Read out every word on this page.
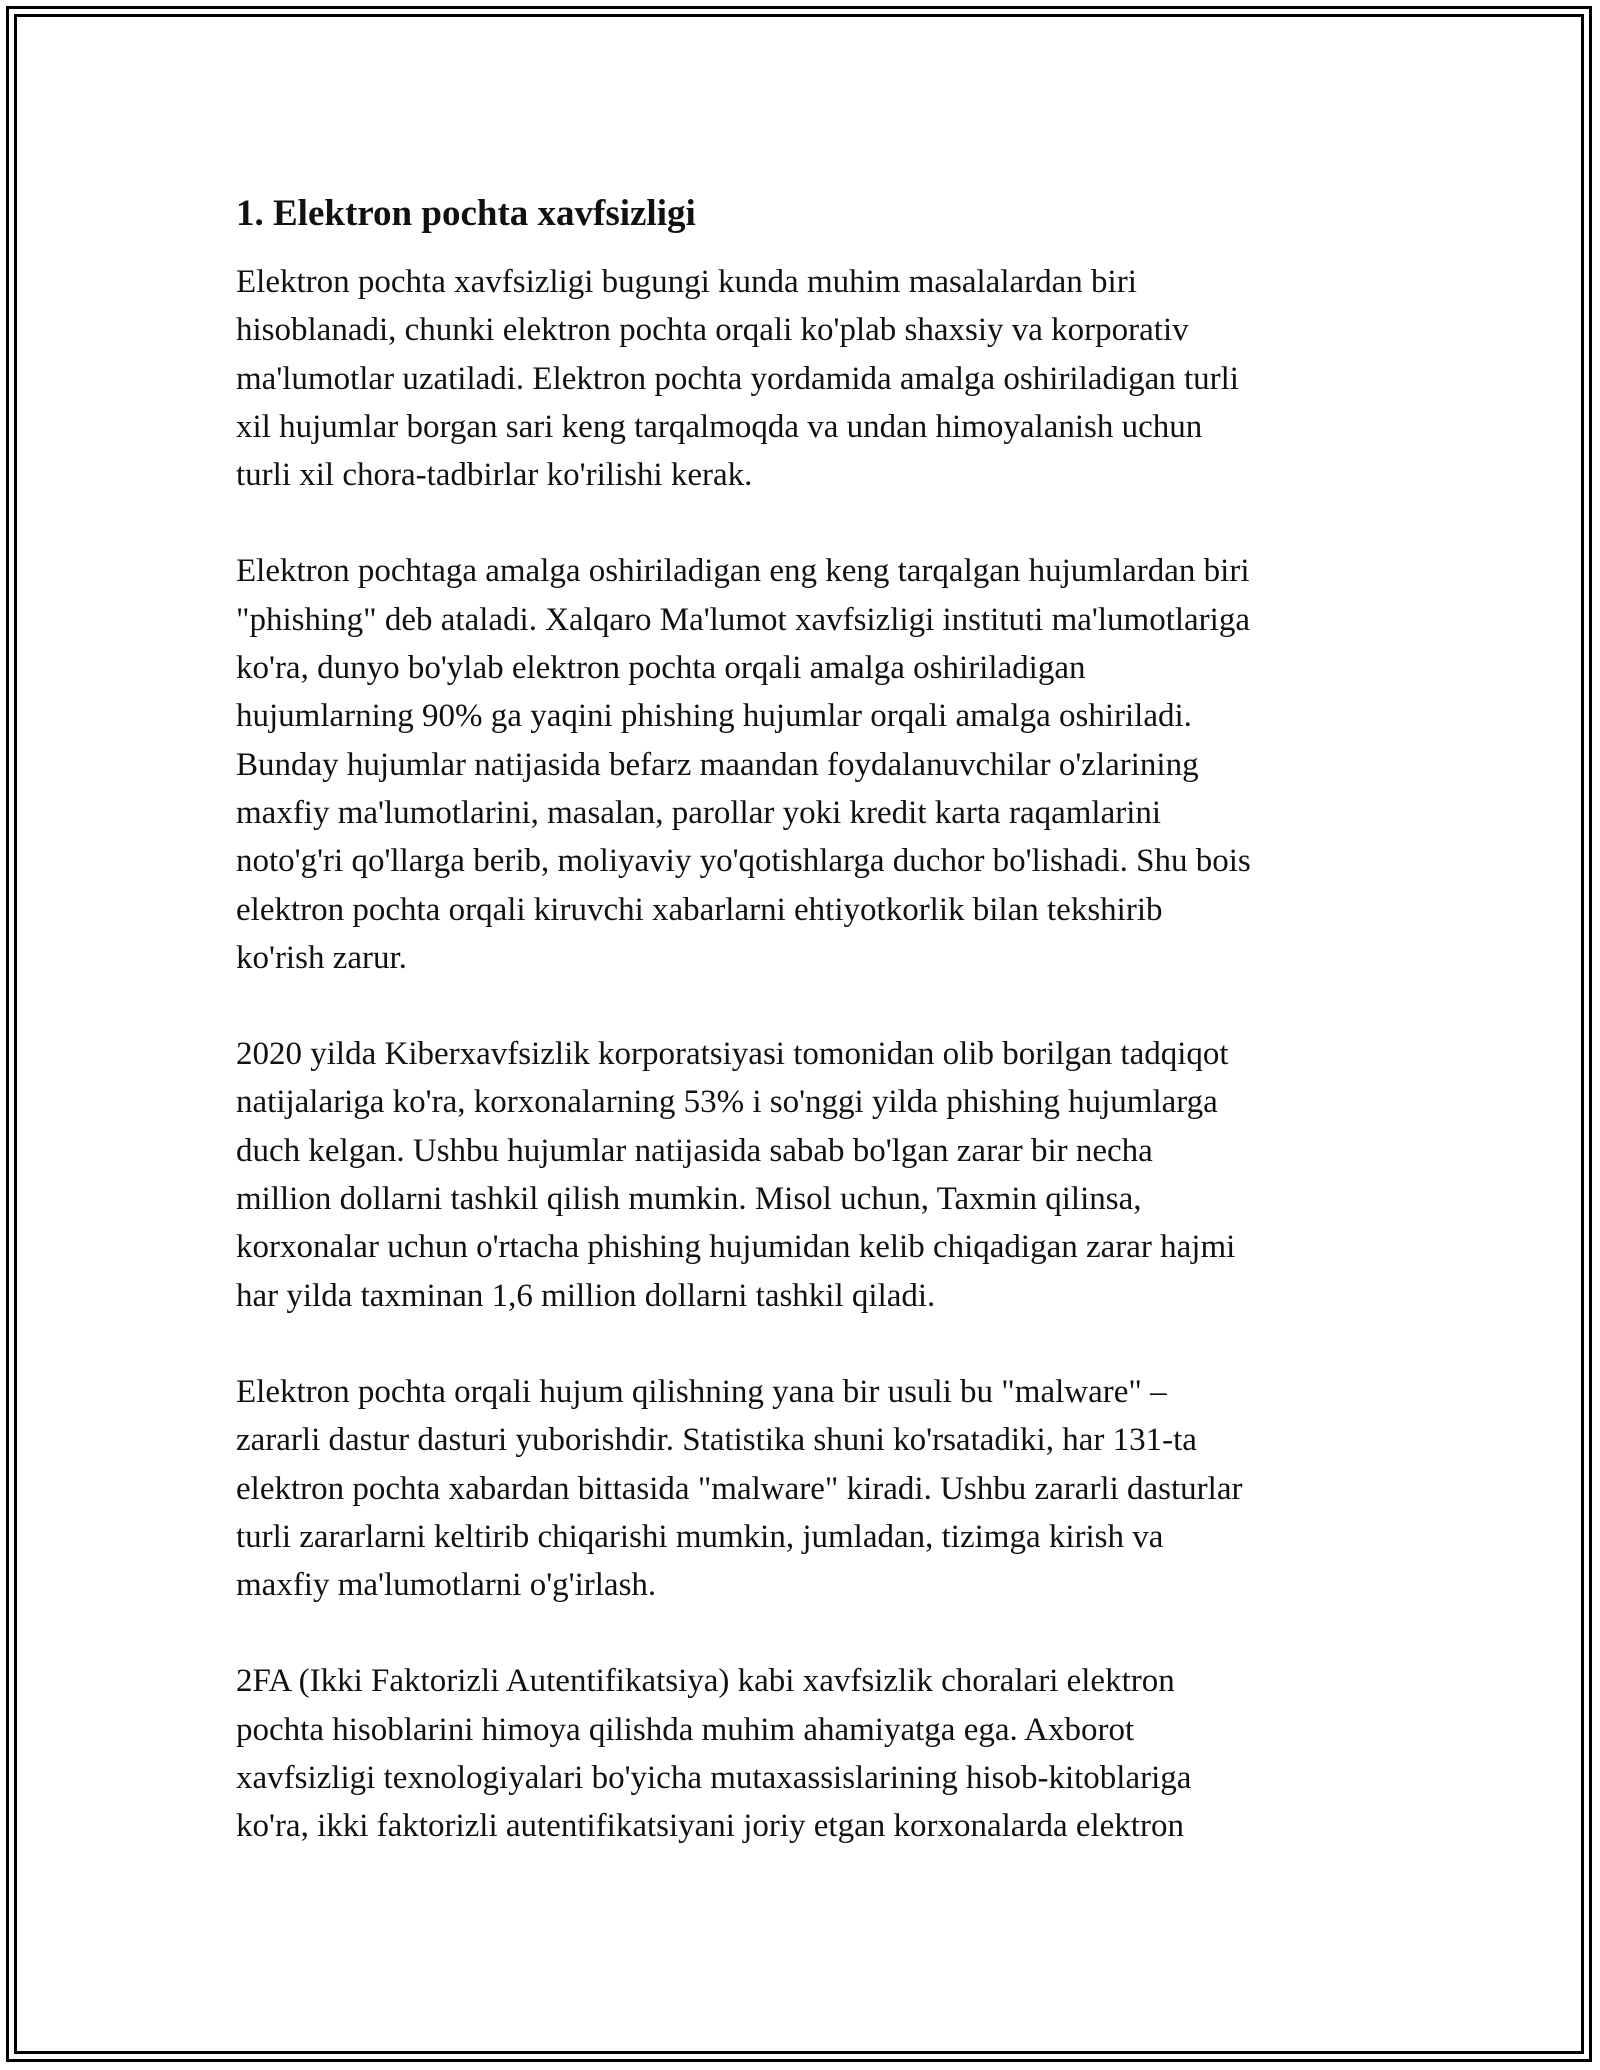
1. Elektron pochta xavfsizligi

Elektron pochta xavfsizligi bugungi kunda muhim masalalardan biri
hisoblanadi, chunki elektron pochta orqali ko'plab shaxsiy va korporativ
ma'lumotlar uzatiladi. Elektron pochta yordamida amalga oshiriladigan turli
xil hujumlar borgan sari keng tarqalmoqda va undan himoyalanish uchun
turli xil chora-tadbirlar ko'rilishi kerak.

Elektron pochtaga amalga oshiriladigan eng keng tarqalgan hujumlardan biri
"phishing" deb ataladi. Xalqaro Ma'lumot xavfsizligi instituti ma'lumotlariga
ko'ra, dunyo bo'ylab elektron pochta orqali amalga oshiriladigan
hujumlarning 90% ga yaqini phishing hujumlar orqali amalga oshiriladi.
Bunday hujumlar natijasida befarz maandan foydalanuvchilar o'zlarining
maxfiy ma'lumotlarini, masalan, parollar yoki kredit karta raqamlarini
noto'g'ri qo'llarga berib, moliyaviy yo'qotishlarga duchor bo'lishadi. Shu bois
elektron pochta orqali kiruvchi xabarlarni ehtiyotkorlik bilan tekshirib
ko'rish zarur.

2020 yilda Kiberxavfsizlik korporatsiyasi tomonidan olib borilgan tadqiqot
natijalariga ko'ra, korxonalarning 53% i so'nggi yilda phishing hujumlarga
duch kelgan. Ushbu hujumlar natijasida sabab bo'lgan zarar bir necha
million dollarni tashkil qilish mumkin. Misol uchun, Taxmin qilinsa,
korxonalar uchun o'rtacha phishing hujumidan kelib chiqadigan zarar hajmi
har yilda taxminan 1,6 million dollarni tashkil qiladi.

Elektron pochta orqali hujum qilishning yana bir usuli bu "malware" –
zararli dastur dasturi yuborishdir. Statistika shuni ko'rsatadiki, har 131-ta
elektron pochta xabardan bittasida "malware" kiradi. Ushbu zararli dasturlar
turli zararlarni keltirib chiqarishi mumkin, jumladan, tizimga kirish va
maxfiy ma'lumotlarni o'g'irlash.

2FA (Ikki Faktorizli Autentifikatsiya) kabi xavfsizlik choralari elektron
pochta hisoblarini himoya qilishda muhim ahamiyatga ega. Axborot
xavfsizligi texnologiyalari bo'yicha mutaxassislarining hisob-kitoblariga
ko'ra, ikki faktorizli autentifikatsiyani joriy etgan korxonalarda elektron
